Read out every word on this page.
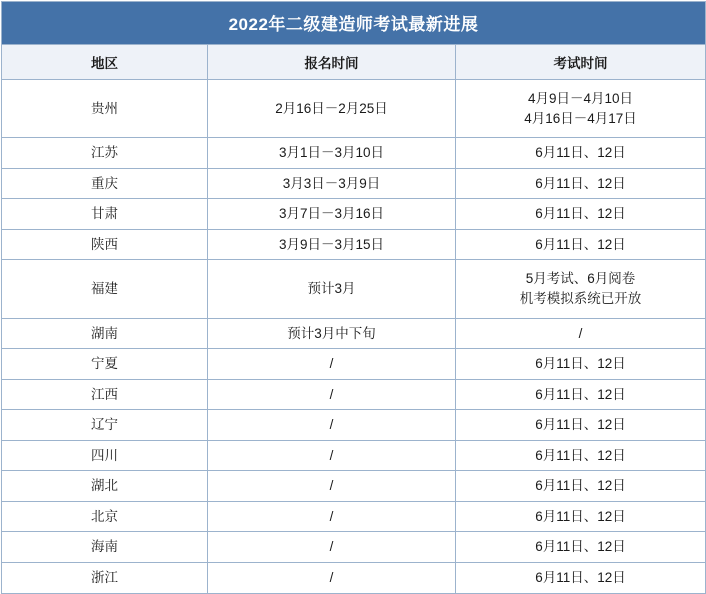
2022年二级建造师考试最新进展		
地区	报名时间	考试时间
贵州	2月16日－2月25日	4月9日－4月10日
4月16日－4月17日

江苏	3月1日－3月10日	6月11日、12日
重庆	3月3日－3月9日	6月11日、12日
甘肃	3月7日－3月16日	6月11日、12日
陕西	3月9日－3月15日	6月11日、12日
福建	预计3月	5月考试、6月阅卷
机考模拟系统已开放

湖南	预计3月中下旬	/
宁夏	/	6月11日、12日
江西	/	6月11日、12日
辽宁	/	6月11日、12日
四川	/	6月11日、12日
湖北	/	6月11日、12日
北京	/	6月11日、12日
海南	/	6月11日、12日
浙江	/	6月11日、12日
